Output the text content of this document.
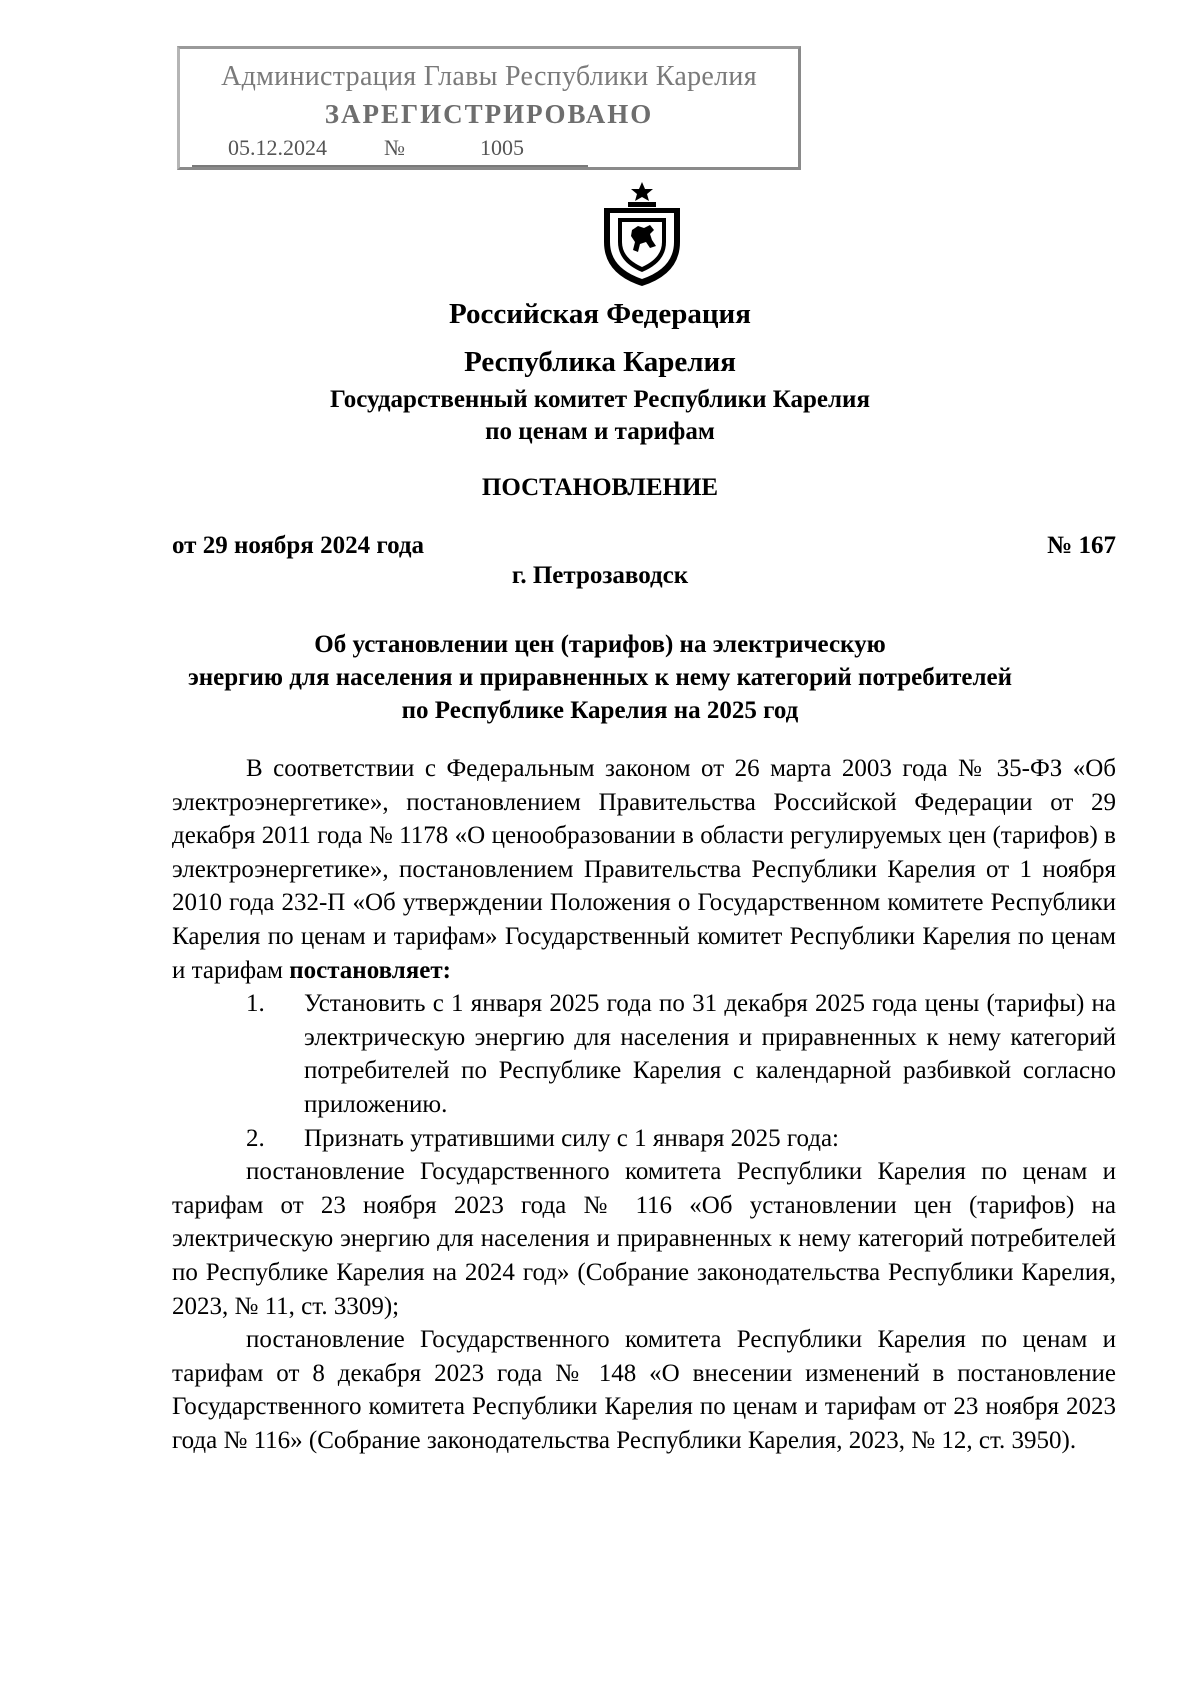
Администрация Главы Республики Карелия
ЗАРЕГИСТРИРОВАНО
05.12.2024	№	1005
Российская Федерация
Республика Карелия
Государственный комитет Республики Карелия
по ценам и тарифам
ПОСТАНОВЛЕНИЕ
от 29 ноября 2024 года	№ 167
г. Петрозаводск
Об установлении цен (тарифов) на электрическую
энергию для населения и приравненных к нему категорий потребителей
по Республике Карелия на 2025 год

В соответствии с Федеральным законом от 26 марта 2003 года № 35-ФЗ «Об электроэнергетике», постановлением Правительства Российской Федерации от 29 декабря 2011 года № 1178 «О ценообразовании в области регулируемых цен (тарифов) в электроэнергетике», постановлением Правительства Республики Карелия от 1 ноября 2010 года 232-П «Об утверждении Положения о Государственном комитете Республики Карелия по ценам и тарифам» Государственный комитет Республики Карелия по ценам и тарифам постановляет:

1.	Установить с 1 января 2025 года по 31 декабря 2025 года цены (тарифы) на электрическую энергию для населения и приравненных к нему категорий потребителей по Республике Карелия с календарной разбивкой согласно приложению.

2.	Признать утратившими силу с 1 января 2025 года:

постановление Государственного комитета Республики Карелия по ценам и тарифам от 23 ноября 2023 года № 116 «Об установлении цен (тарифов) на электрическую энергию для населения и приравненных к нему категорий потребителей по Республике Карелия на 2024 год» (Собрание законодательства Республики Карелия, 2023, № 11, ст. 3309);

постановление Государственного комитета Республики Карелия по ценам и тарифам от 8 декабря 2023 года № 148 «О внесении изменений в постановление Государственного комитета Республики Карелия по ценам и тарифам от 23 ноября 2023 года № 116» (Собрание законодательства Республики Карелия, 2023, № 12, ст. 3950).
